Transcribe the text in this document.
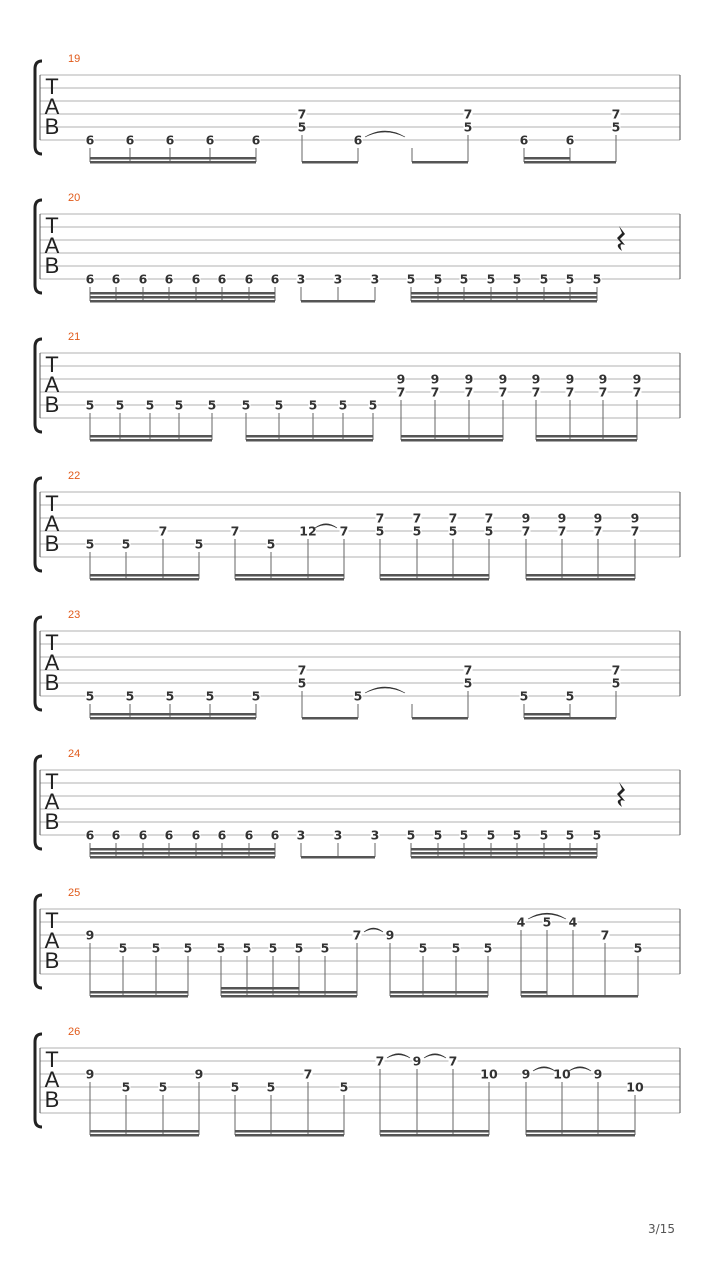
19
T
A
B
6	6	6	6	6
7
5
6
7
5
6	6
7
5
20
T
A
B
6 6 6 6 6 6 6 6 3 3 3 5 5 5 5 5 5 5 5
21
T
A
B 5 5 5 5 5 5 5 5 5 5
9
7
9
7
9
7
9
7
9
7
9
7
9
7
9
7
22
T
A
B 5 5
7
5
7
5
12 7
7
5
7
5
7
5
7
5
9
7
9
7
9
7
9
7
23
T
A
B
5	5	5	5	5
7
5
5
7
5
5	5
7
5
24
T
A
B
6 6 6 6 6 6 6 6 3 3 3 5 5 5 5 5 5 5 5
25
T
A
B
9
5 5 5 5 5 5 5 5
7 9
5 5 5
4 5 4
7
5
26
T
A
B
9
5 5
9
5 5
7
5
7 9 7
10 9 10 9
10
3/15
